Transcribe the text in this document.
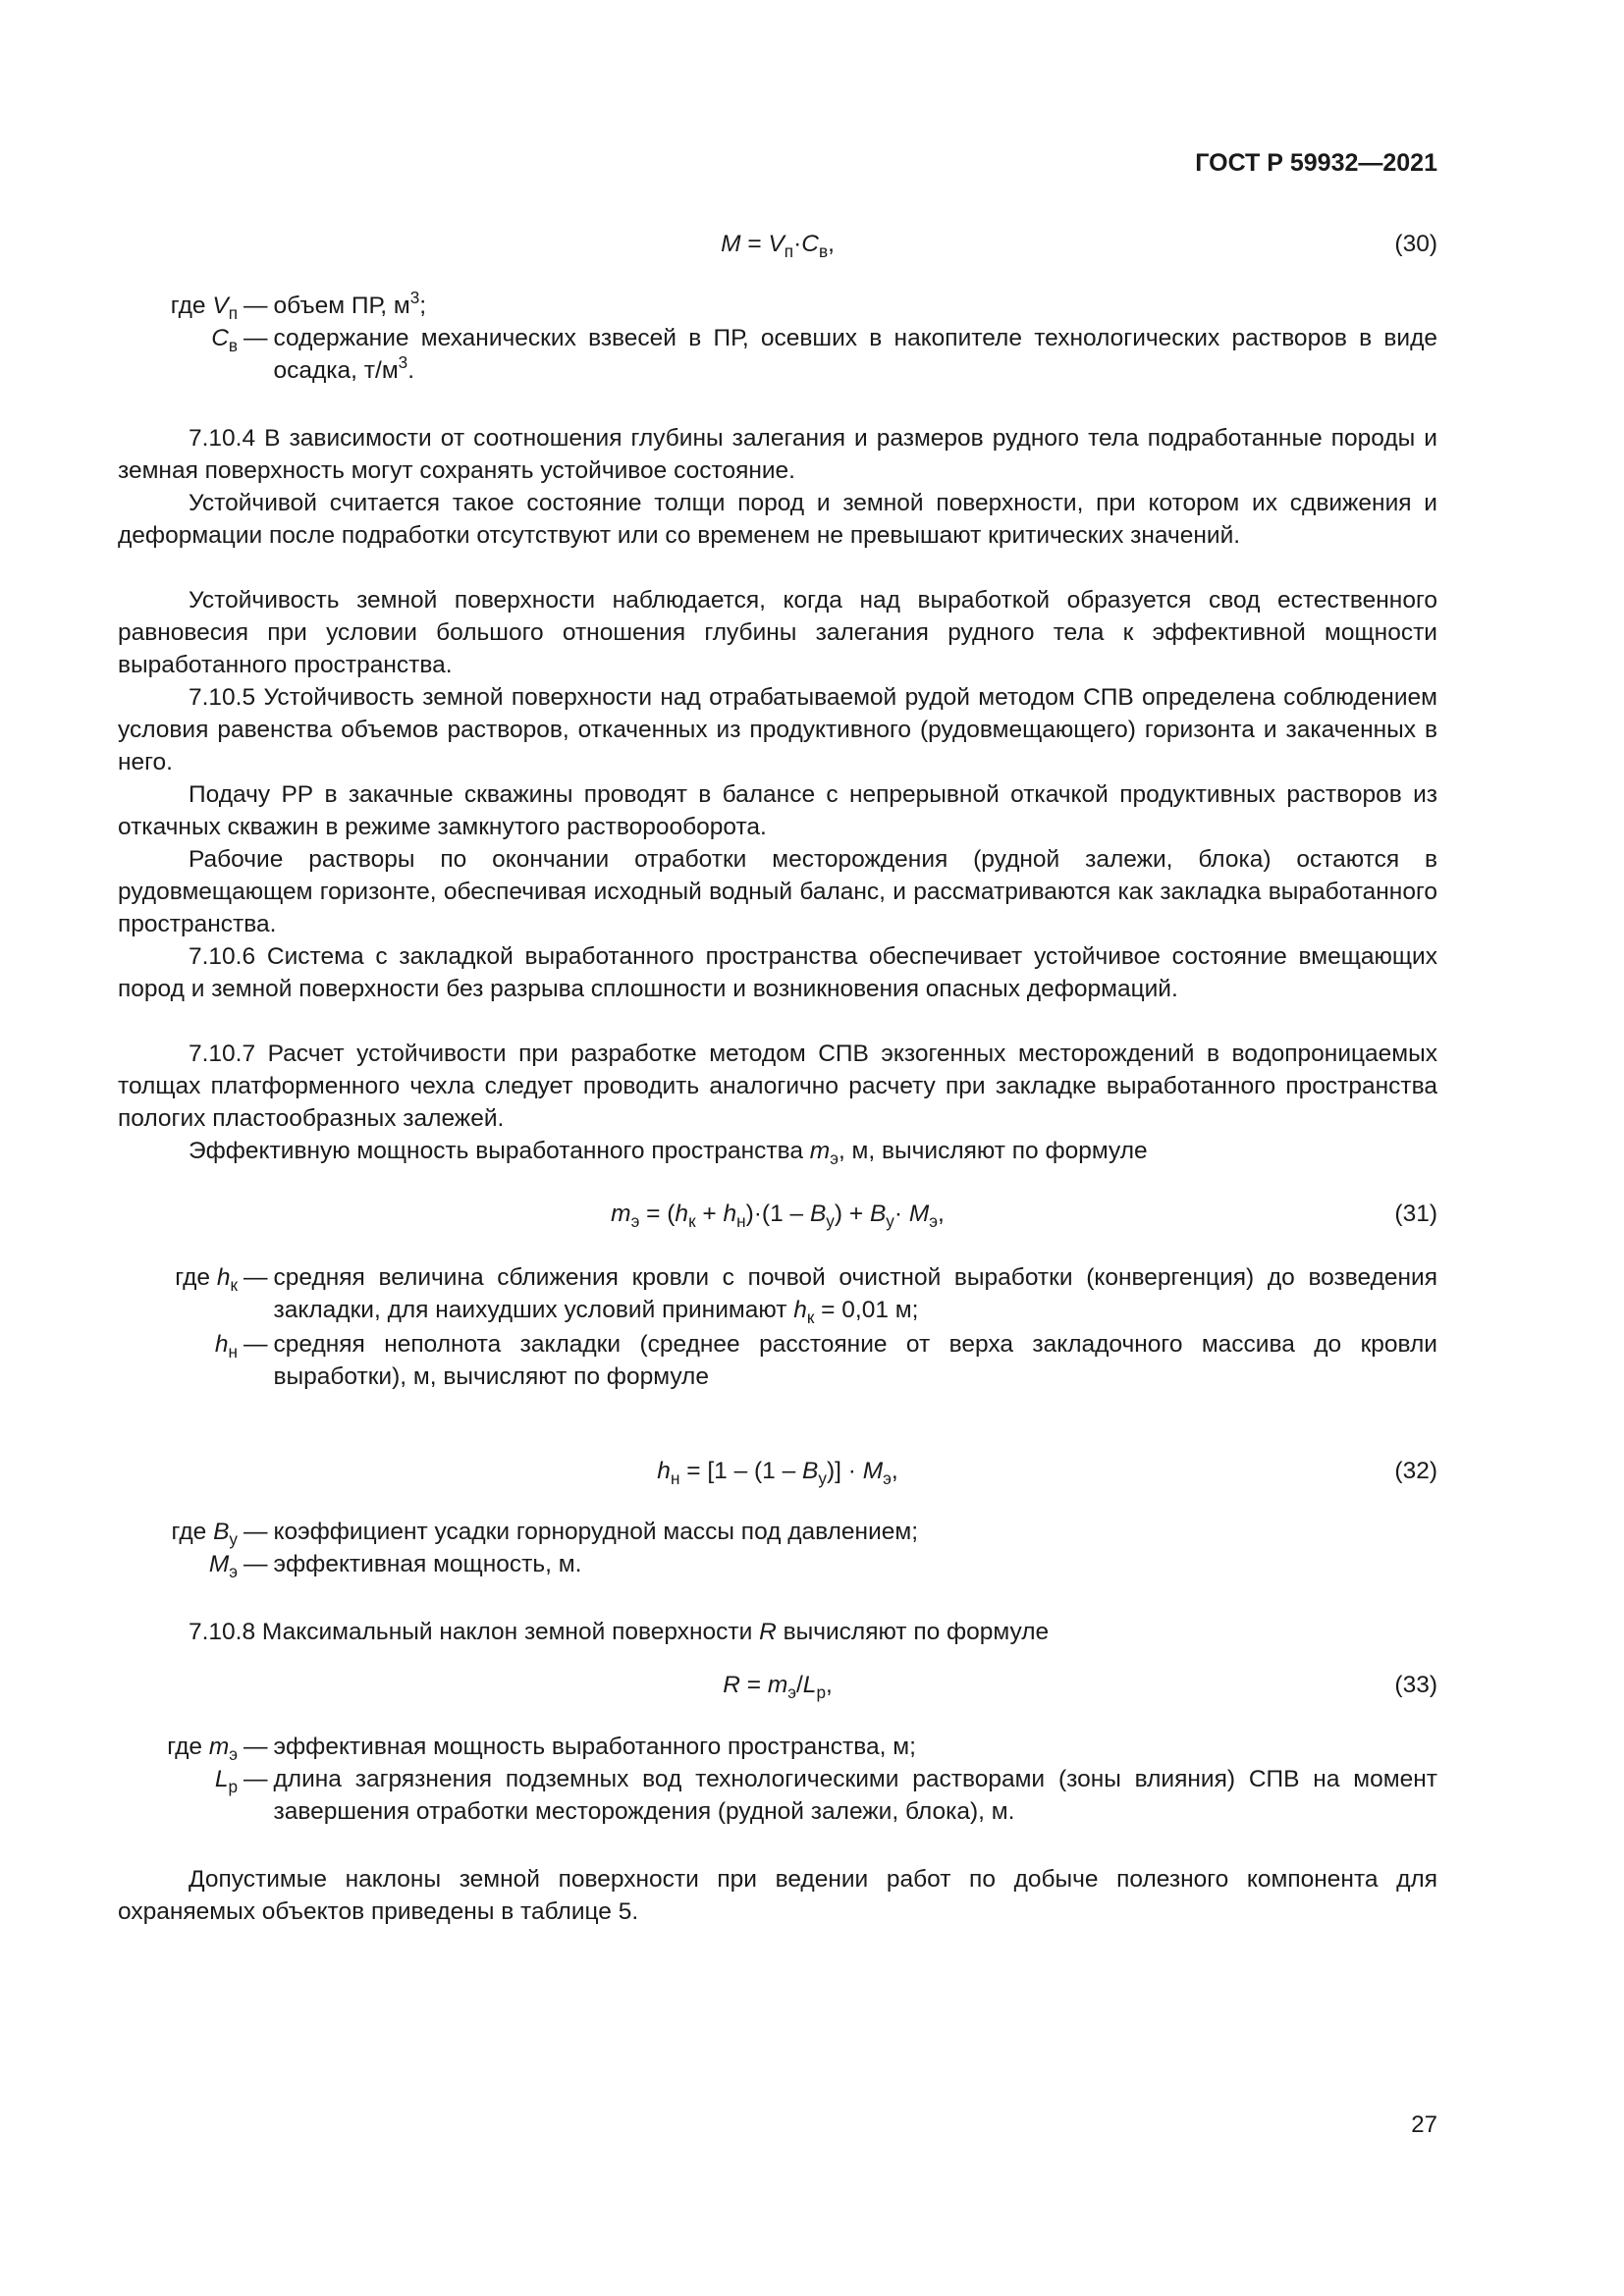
ГОСТ Р 59932—2021
$M = V_п\cdot C_в$,	(30)
где $V_п$ — объем ПР, $м^3$;
$C_в$ — содержание механических взвесей в ПР, осевших в накопителе технологических растворов в виде осадка, $т/м^3$.
7.10.4 В зависимости от соотношения глубины залегания и размеров рудного тела подработанные породы и земная поверхность могут сохранять устойчивое состояние.
Устойчивой считается такое состояние толщи пород и земной поверхности, при котором их сдвижения и деформации после подработки отсутствуют или со временем не превышают критических значений.
Устойчивость земной поверхности наблюдается, когда над выработкой образуется свод естественного равновесия при условии большого отношения глубины залегания рудного тела к эффективной мощности выработанного пространства.
7.10.5 Устойчивость земной поверхности над отрабатываемой рудой методом СПВ определена соблюдением условия равенства объемов растворов, откаченных из продуктивного (рудовмещающего) горизонта и закаченных в него.
Подачу РР в закачные скважины проводят в балансе с непрерывной откачкой продуктивных растворов из откачных скважин в режиме замкнутого растворооборота.
Рабочие растворы по окончании отработки месторождения (рудной залежи, блока) остаются в рудовмещающем горизонте, обеспечивая исходный водный баланс, и рассматриваются как закладка выработанного пространства.
7.10.6 Система с закладкой выработанного пространства обеспечивает устойчивое состояние вмещающих пород и земной поверхности без разрыва сплошности и возникновения опасных деформаций.
7.10.7 Расчет устойчивости при разработке методом СПВ экзогенных месторождений в водопроницаемых толщах платформенного чехла следует проводить аналогично расчету при закладке выработанного пространства пологих пластообразных залежей.
Эффективную мощность выработанного пространства $m_э$, м, вычисляют по формуле
$m_э = (h_к + h_н)\cdot(1 - B_у) + B_у\cdot M_э$,	(31)
где $h_к$ — средняя величина сближения кровли с почвой очистной выработки (конвергенция) до возведения закладки, для наихудших условий принимают $h_к = 0,01$ м;
$h_н$ — средняя неполнота закладки (среднее расстояние от верха закладочного массива до кровли выработки), м, вычисляют по формуле
$h_н = [1 - (1 - B_у)] \cdot M_э$,	(32)
где $B_у$ — коэффициент усадки горнорудной массы под давлением;
$M_э$ — эффективная мощность, м.
7.10.8 Максимальный наклон земной поверхности R вычисляют по формуле
$R = m_э/L_р$,	(33)
где $m_э$ — эффективная мощность выработанного пространства, м;
$L_р$ — длина загрязнения подземных вод технологическими растворами (зоны влияния) СПВ на момент завершения отработки месторождения (рудной залежи, блока), м.
Допустимые наклоны земной поверхности при ведении работ по добыче полезного компонента для охраняемых объектов приведены в таблице 5.
27
